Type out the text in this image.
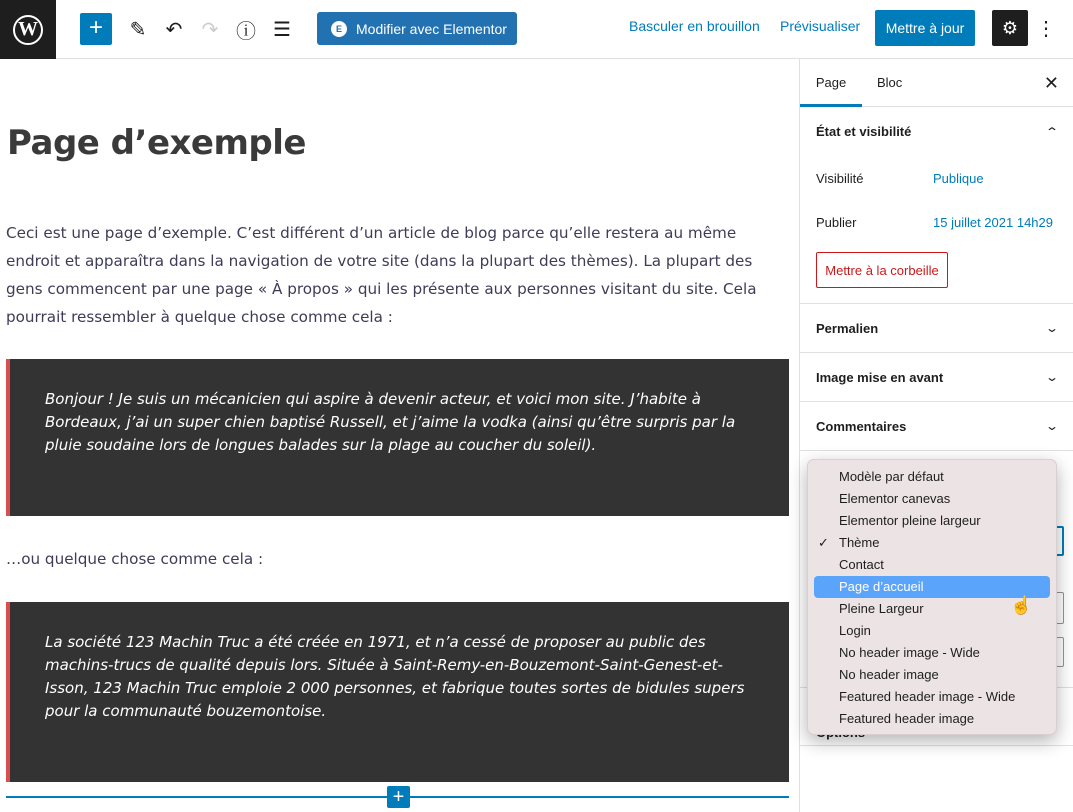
W	+	✎ ↶ ↷ ⓘ ☰	E	Modifier avec Elementor	Basculer en brouillon Prévisualiser	Mettre à jour	⚙ ⋮
Page d’exemple

Ceci est une page d’exemple. C’est différent d’un article de blog parce qu’elle restera au même endroit et apparaîtra dans la navigation de votre site (dans la plupart des thèmes). La plupart des gens commencent par une page « À propos » qui les présente aux personnes visitant du site. Cela pourrait ressembler à quelque chose comme cela :

Bonjour ! Je suis un mécanicien qui aspire à devenir acteur, et voici mon site. J’habite à Bordeaux, j’ai un super chien baptisé Russell, et j’aime la vodka (ainsi qu’être surpris par la pluie soudaine lors de longues balades sur la plage au coucher du soleil).

…ou quelque chose comme cela :

La société 123 Machin Truc a été créée en 1971, et n’a cessé de proposer au public des machins-trucs de qualité depuis lors. Située à Saint-Remy-en-Bouzemont-Saint-Genest-et-Isson, 123 Machin Truc emploie 2 000 personnes, et fabrique toutes sortes de bidules supers pour la communauté bouzemontoise.

+
Page	Bloc	✕
État et visibilité	⌃
Visibilité	Publique
Publier	15 juillet 2021 14h29
Mettre à la corbeille
Permalien	⌄
Image mise en avant	⌄
Commentaires	⌄
Modèle par défaut
Elementor canevas
Elementor pleine largeur
✓ Thème
Contact
Page d’accueil
Pleine Largeur
Login
No header image - Wide
No header image
Featured header image - Wide
Featured header image
☝
